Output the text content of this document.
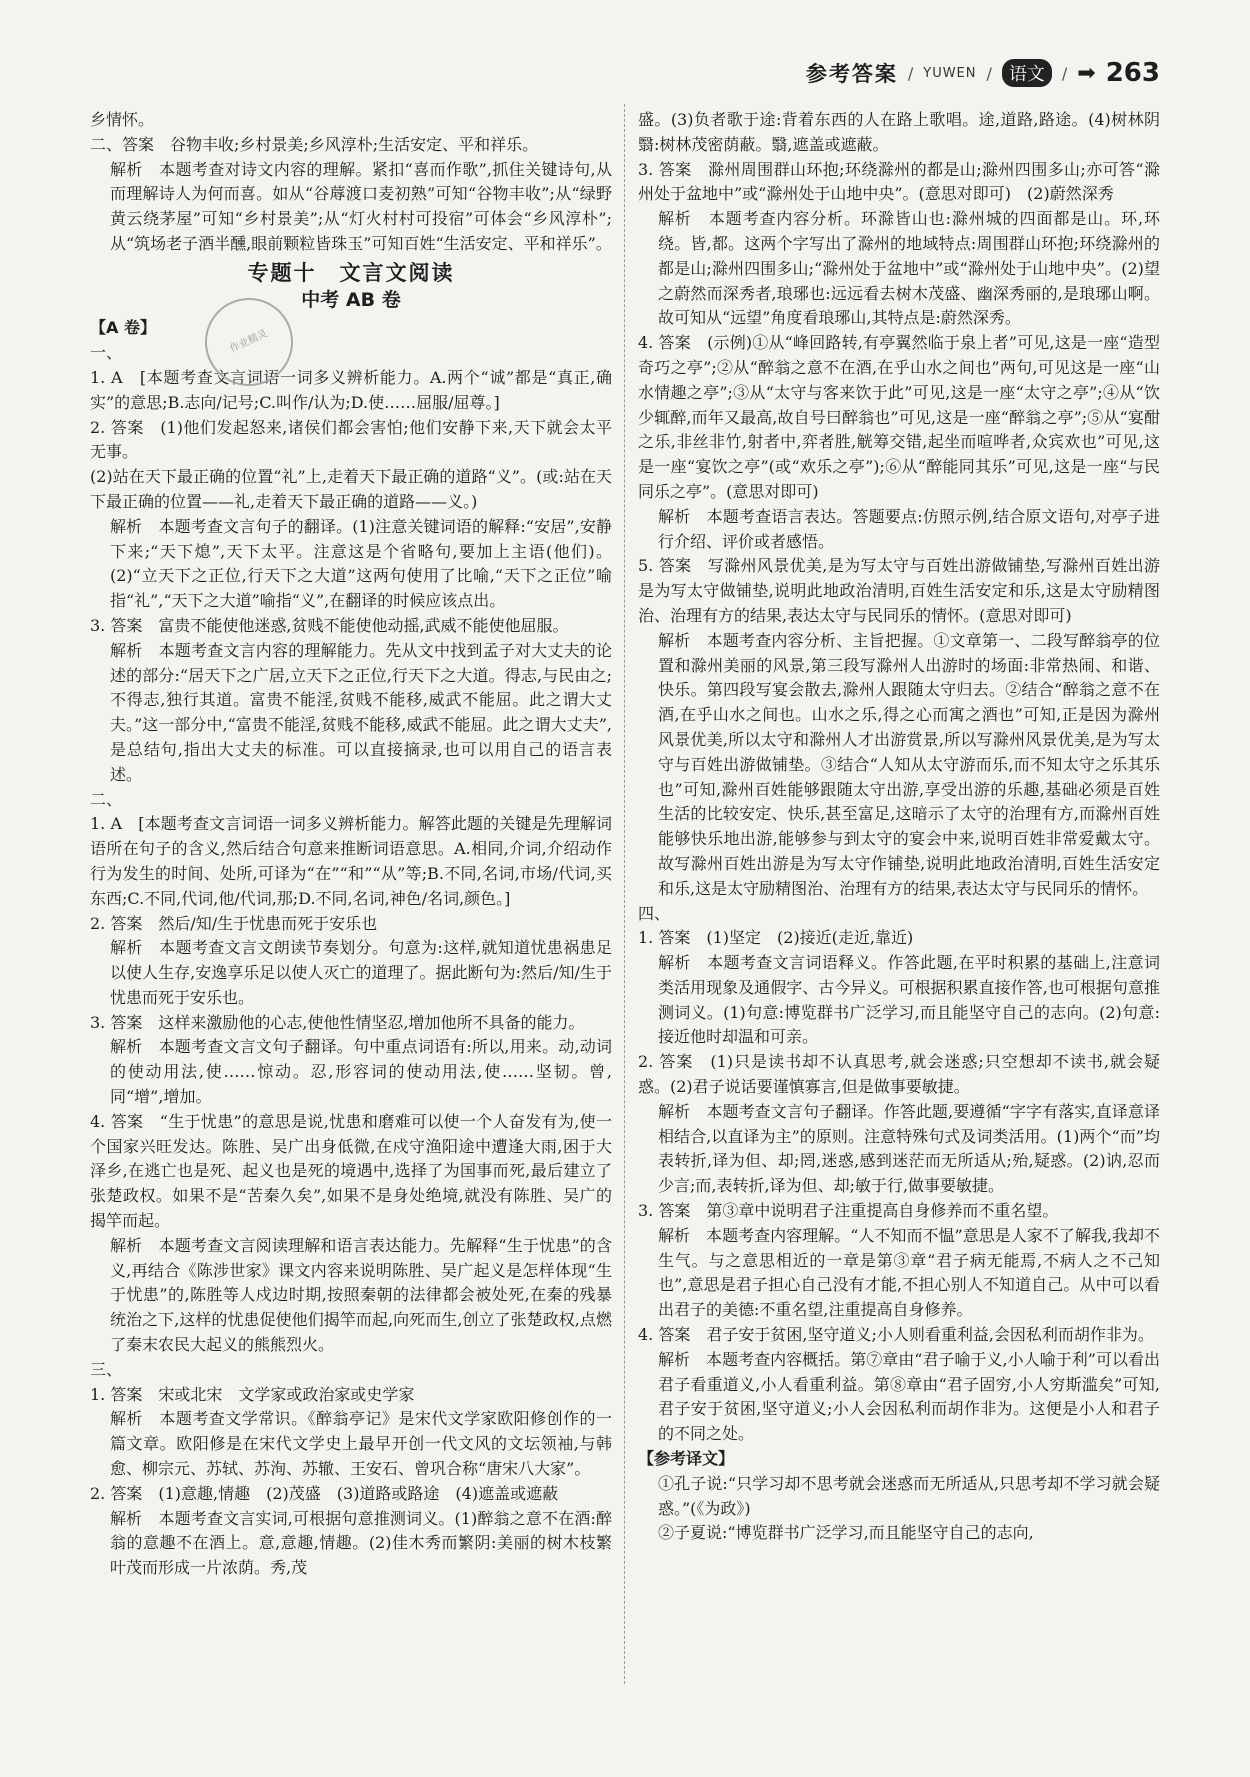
参考答案 / YUWEN / 语文	/ ➡ 263

乡情怀。

二、答案　谷物丰收;乡村景美;乡风淳朴;生活安定、平和祥乐。

解析　本题考查对诗文内容的理解。紧扣“喜而作歌”,抓住关键诗句,从而理解诗人为何而喜。如从“谷蓐渡口麦初熟”可知“谷物丰收”;从“绿野黄云绕茅屋”可知“乡村景美”;从“灯火村村可投宿”可体会“乡风淳朴”;从“筑场老子酒半醺,眼前颗粒皆珠玉”可知百姓“生活安定、平和祥乐”。

专题十　文言文阅读

中考 AB 卷

【A 卷】

一、

1. A　[本题考查文言词语一词多义辨析能力。A.两个“诚”都是“真正,确实”的意思;B.志向/记号;C.叫作/认为;D.使……屈服/屈尊。]

2. 答案　(1)他们发起怒来,诸侯们都会害怕;他们安静下来,天下就会太平无事。

(2)站在天下最正确的位置“礼”上,走着天下最正确的道路“义”。(或:站在天下最正确的位置——礼,走着天下最正确的道路——义。)

解析　本题考查文言句子的翻译。(1)注意关键词语的解释:“安居”,安静下来;“天下熄”,天下太平。注意这是个省略句,要加上主语(他们)。(2)“立天下之正位,行天下之大道”这两句使用了比喻,“天下之正位”喻指“礼”,“天下之大道”喻指“义”,在翻译的时候应该点出。

3. 答案　富贵不能使他迷惑,贫贱不能使他动摇,武威不能使他屈服。

解析　本题考查文言内容的理解能力。先从文中找到孟子对大丈夫的论述的部分:“居天下之广居,立天下之正位,行天下之大道。得志,与民由之;不得志,独行其道。富贵不能淫,贫贱不能移,威武不能屈。此之谓大丈夫。”这一部分中,“富贵不能淫,贫贱不能移,威武不能屈。此之谓大丈夫”,是总结句,指出大丈夫的标准。可以直接摘录,也可以用自己的语言表述。

二、

1. A　[本题考查文言词语一词多义辨析能力。解答此题的关键是先理解词语所在句子的含义,然后结合句意来推断词语意思。A.相同,介词,介绍动作行为发生的时间、处所,可译为“在”“和”“从”等;B.不同,名词,市场/代词,买东西;C.不同,代词,他/代词,那;D.不同,名词,神色/名词,颜色。]

2. 答案　然后/知/生于忧患而死于安乐也

解析　本题考查文言文朗读节奏划分。句意为:这样,就知道忧患祸患足以使人生存,安逸享乐足以使人灭亡的道理了。据此断句为:然后/知/生于忧患而死于安乐也。

3. 答案　这样来激励他的心志,使他性情坚忍,增加他所不具备的能力。

解析　本题考查文言文句子翻译。句中重点词语有:所以,用来。动,动词的使动用法,使……惊动。忍,形容词的使动用法,使……坚韧。曾,同“增”,增加。

4. 答案　“生于忧患”的意思是说,忧患和磨难可以使一个人奋发有为,使一个国家兴旺发达。陈胜、吴广出身低微,在戍守渔阳途中遭逢大雨,困于大泽乡,在逃亡也是死、起义也是死的境遇中,选择了为国事而死,最后建立了张楚政权。如果不是“苦秦久矣”,如果不是身处绝境,就没有陈胜、吴广的揭竿而起。

解析　本题考查文言阅读理解和语言表达能力。先解释“生于忧患”的含义,再结合《陈涉世家》课文内容来说明陈胜、吴广起义是怎样体现“生于忧患”的,陈胜等人戍边时期,按照秦朝的法律都会被处死,在秦的残暴统治之下,这样的忧患促使他们揭竿而起,向死而生,创立了张楚政权,点燃了秦末农民大起义的熊熊烈火。

三、

1. 答案　宋或北宋　文学家或政治家或史学家

解析　本题考查文学常识。《醉翁亭记》是宋代文学家欧阳修创作的一篇文章。欧阳修是在宋代文学史上最早开创一代文风的文坛领袖,与韩愈、柳宗元、苏轼、苏洵、苏辙、王安石、曾巩合称“唐宋八大家”。

2. 答案　(1)意趣,情趣　(2)茂盛　(3)道路或路途　(4)遮盖或遮蔽

解析　本题考查文言实词,可根据句意推测词义。(1)醉翁之意不在酒:醉翁的意趣不在酒上。意,意趣,情趣。(2)佳木秀而繁阴:美丽的树木枝繁叶茂而形成一片浓荫。秀,茂

作业精灵

盛。(3)负者歌于途:背着东西的人在路上歌唱。途,道路,路途。(4)树林阴翳:树林茂密荫蔽。翳,遮盖或遮蔽。

3. 答案　滁州周围群山环抱;环绕滁州的都是山;滁州四围多山;亦可答“滁州处于盆地中”或“滁州处于山地中央”。(意思对即可)　(2)蔚然深秀

解析　本题考查内容分析。环滁皆山也:滁州城的四面都是山。环,环绕。皆,都。这两个字写出了滁州的地域特点:周围群山环抱;环绕滁州的都是山;滁州四围多山;“滁州处于盆地中”或“滁州处于山地中央”。(2)望之蔚然而深秀者,琅琊也:远远看去树木茂盛、幽深秀丽的,是琅琊山啊。故可知从“远望”角度看琅琊山,其特点是:蔚然深秀。

4. 答案　(示例)①从“峰回路转,有亭翼然临于泉上者”可见,这是一座“造型奇巧之亭”;②从“醉翁之意不在酒,在乎山水之间也”两句,可见这是一座“山水情趣之亭”;③从“太守与客来饮于此”可见,这是一座“太守之亭”;④从“饮少辄醉,而年又最高,故自号曰醉翁也”可见,这是一座“醉翁之亭”;⑤从“宴酣之乐,非丝非竹,射者中,弈者胜,觥筹交错,起坐而喧哗者,众宾欢也”可见,这是一座“宴饮之亭”(或“欢乐之亭”);⑥从“醉能同其乐”可见,这是一座“与民同乐之亭”。(意思对即可)

解析　本题考查语言表达。答题要点:仿照示例,结合原文语句,对亭子进行介绍、评价或者感悟。

5. 答案　写滁州风景优美,是为写太守与百姓出游做铺垫,写滁州百姓出游是为写太守做铺垫,说明此地政治清明,百姓生活安定和乐,这是太守励精图治、治理有方的结果,表达太守与民同乐的情怀。(意思对即可)

解析　本题考查内容分析、主旨把握。①文章第一、二段写醉翁亭的位置和滁州美丽的风景,第三段写滁州人出游时的场面:非常热闹、和谐、快乐。第四段写宴会散去,滁州人跟随太守归去。②结合“醉翁之意不在酒,在乎山水之间也。山水之乐,得之心而寓之酒也”可知,正是因为滁州风景优美,所以太守和滁州人才出游赏景,所以写滁州风景优美,是为写太守与百姓出游做铺垫。③结合“人知从太守游而乐,而不知太守之乐其乐也”可知,滁州百姓能够跟随太守出游,享受出游的乐趣,基础必须是百姓生活的比较安定、快乐,甚至富足,这暗示了太守的治理有方,而滁州百姓能够快乐地出游,能够参与到太守的宴会中来,说明百姓非常爱戴太守。故写滁州百姓出游是为写太守作铺垫,说明此地政治清明,百姓生活安定和乐,这是太守励精图治、治理有方的结果,表达太守与民同乐的情怀。

四、

1. 答案　(1)坚定　(2)接近(走近,靠近)

解析　本题考查文言词语释义。作答此题,在平时积累的基础上,注意词类活用现象及通假字、古今异义。可根据积累直接作答,也可根据句意推测词义。(1)句意:博览群书广泛学习,而且能坚守自己的志向。(2)句意:接近他时却温和可亲。

2. 答案　(1)只是读书却不认真思考,就会迷惑;只空想却不读书,就会疑惑。(2)君子说话要谨慎寡言,但是做事要敏捷。

解析　本题考查文言句子翻译。作答此题,要遵循“字字有落实,直译意译相结合,以直译为主”的原则。注意特殊句式及词类活用。(1)两个“而”均表转折,译为但、却;罔,迷惑,感到迷茫而无所适从;殆,疑惑。(2)讷,忍而少言;而,表转折,译为但、却;敏于行,做事要敏捷。

3. 答案　第③章中说明君子注重提高自身修养而不重名望。

解析　本题考查内容理解。“人不知而不愠”意思是人家不了解我,我却不生气。与之意思相近的一章是第③章“君子病无能焉,不病人之不己知也”,意思是君子担心自己没有才能,不担心别人不知道自己。从中可以看出君子的美德:不重名望,注重提高自身修养。

4. 答案　君子安于贫困,坚守道义;小人则看重利益,会因私利而胡作非为。

解析　本题考查内容概括。第⑦章由“君子喻于义,小人喻于利”可以看出君子看重道义,小人看重利益。第⑧章由“君子固穷,小人穷斯滥矣”可知,君子安于贫困,坚守道义;小人会因私利而胡作非为。这便是小人和君子的不同之处。

【参考译文】

①孔子说:“只学习却不思考就会迷惑而无所适从,只思考却不学习就会疑惑。”(《为政》)

②子夏说:“博览群书广泛学习,而且能坚守自己的志向,
